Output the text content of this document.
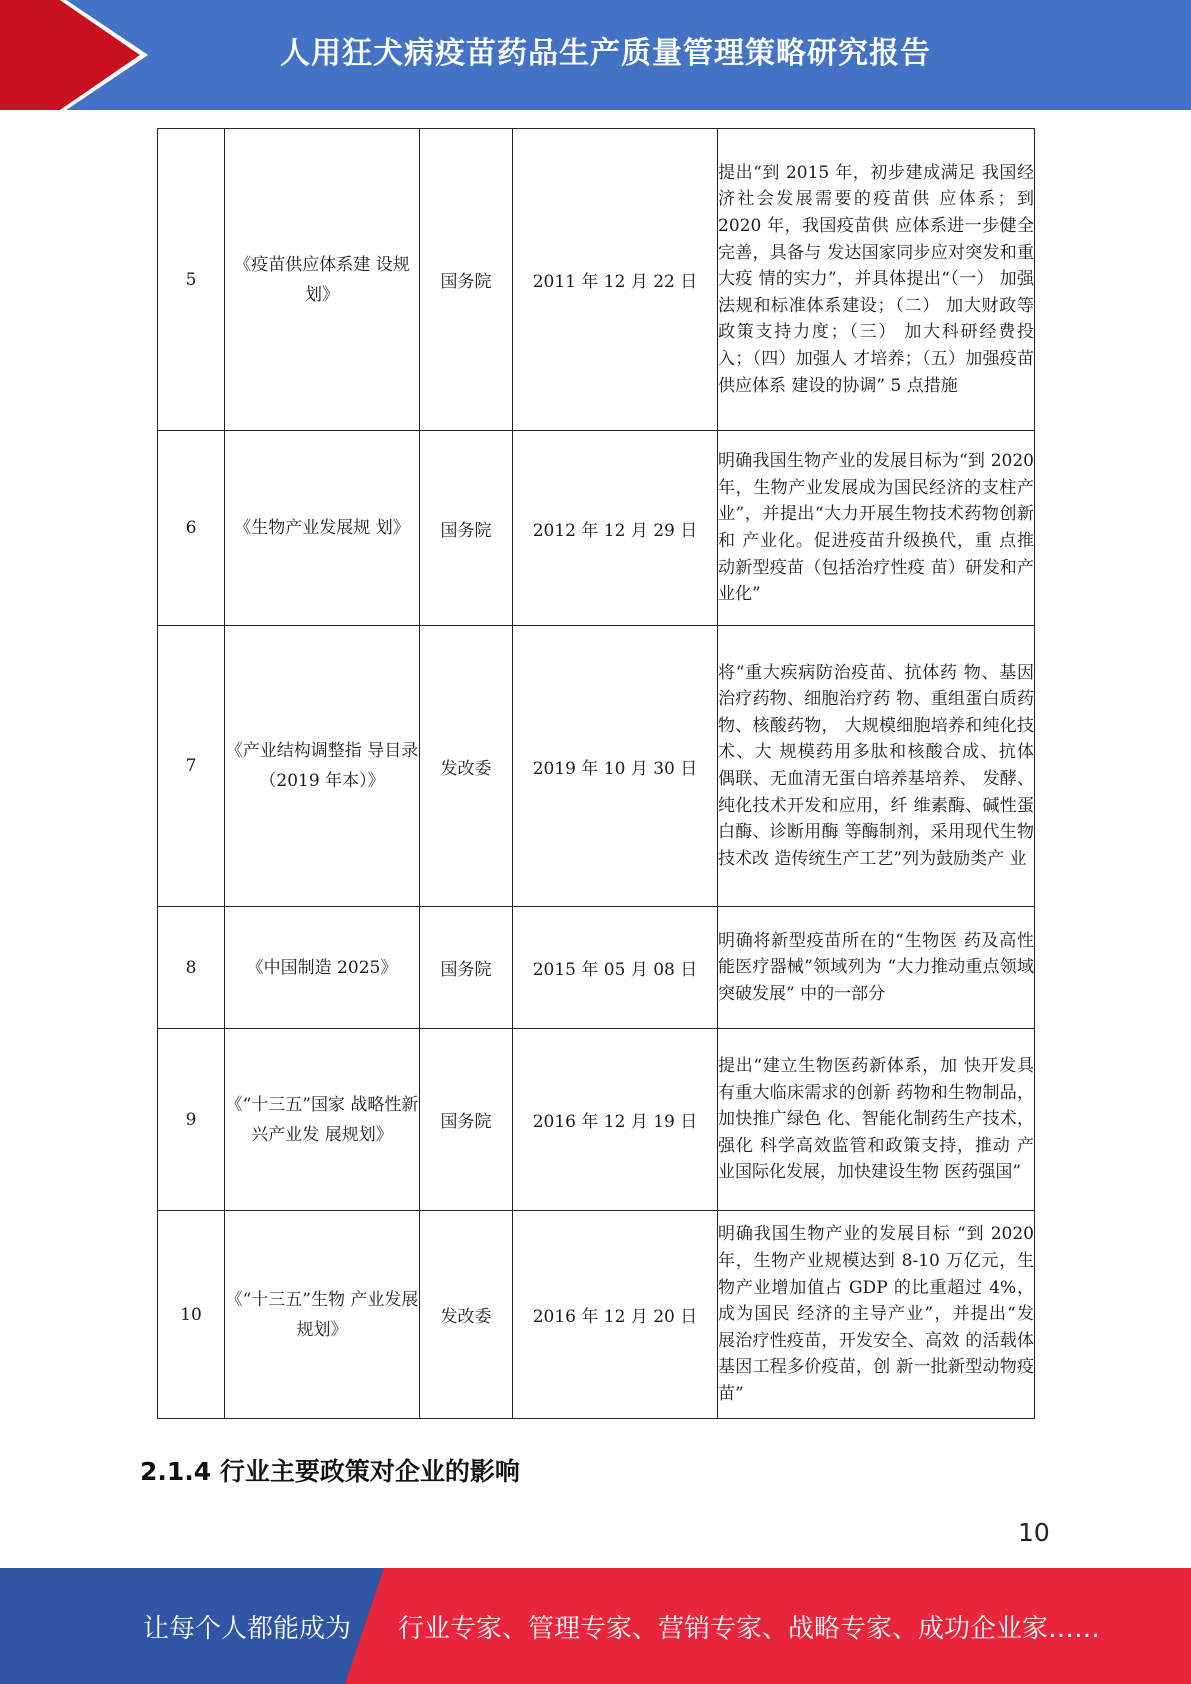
人用狂犬病疫苗药品生产质量管理策略研究报告
5	《疫苗供应体系建 设规划》	国务院	2011 年 12 月 22 日	提出“到 2015 年，初步建成满足 我国经济社会发展需要的疫苗供 应体系；到 2020 年，我国疫苗供 应体系进一步健全完善，具备与 发达国家同步应对突发和重大疫 情的实力”，并具体提出“（一） 加强法规和标准体系建设；（二） 加大财政等政策支持力度；（三） 加大科研经费投入；（四）加强人 才培养；（五）加强疫苗供应体系 建设的协调” 5 点措施
6	《生物产业发展规 划》	国务院	2012 年 12 月 29 日	明确我国生物产业的发展目标为“到 2020 年，生物产业发展成为国民经济的支柱产业”，并提出“大力开展生物技术药物创新和 产业化。促进疫苗升级换代，重 点推动新型疫苗（包括治疗性疫 苗）研发和产业化”
7	《产业结构调整指 导目录（2019 年本）》	发改委	2019 年 10 月 30 日	将“重大疾病防治疫苗、抗体药 物、基因治疗药物、细胞治疗药 物、重组蛋白质药物、核酸药物， 大规模细胞培养和纯化技术、大 规模药用多肽和核酸合成、抗体 偶联、无血清无蛋白培养基培养、 发酵、纯化技术开发和应用，纤 维素酶、碱性蛋白酶、诊断用酶 等酶制剂，采用现代生物技术改 造传统生产工艺”列为鼓励类产 业
8	《中国制造 2025》	国务院	2015 年 05 月 08 日	明确将新型疫苗所在的“生物医 药及高性能医疗器械”领域列为 “大力推动重点领域突破发展” 中的一部分
9	《“十三五”国家 战略性新兴产业发 展规划》	国务院	2016 年 12 月 19 日	提出“建立生物医药新体系，加 快开发具有重大临床需求的创新 药物和生物制品，加快推广绿色 化、智能化制药生产技术，强化 科学高效监管和政策支持，推动 产业国际化发展，加快建设生物 医药强国”
10	《“十三五”生物 产业发展规划》	发改委	2016 年 12 月 20 日	明确我国生物产业的发展目标 “到 2020 年，生物产业规模达到 8-10 万亿元，生物产业增加值占 GDP 的比重超过 4%，成为国民 经济的主导产业”，并提出“发 展治疗性疫苗，开发安全、高效 的活载体基因工程多价疫苗，创 新一批新型动物疫苗”
2.1.4 行业主要政策对企业的影响
10
让每个人都能成为 行业专家、管理专家、营销专家、战略专家、成功企业家……
